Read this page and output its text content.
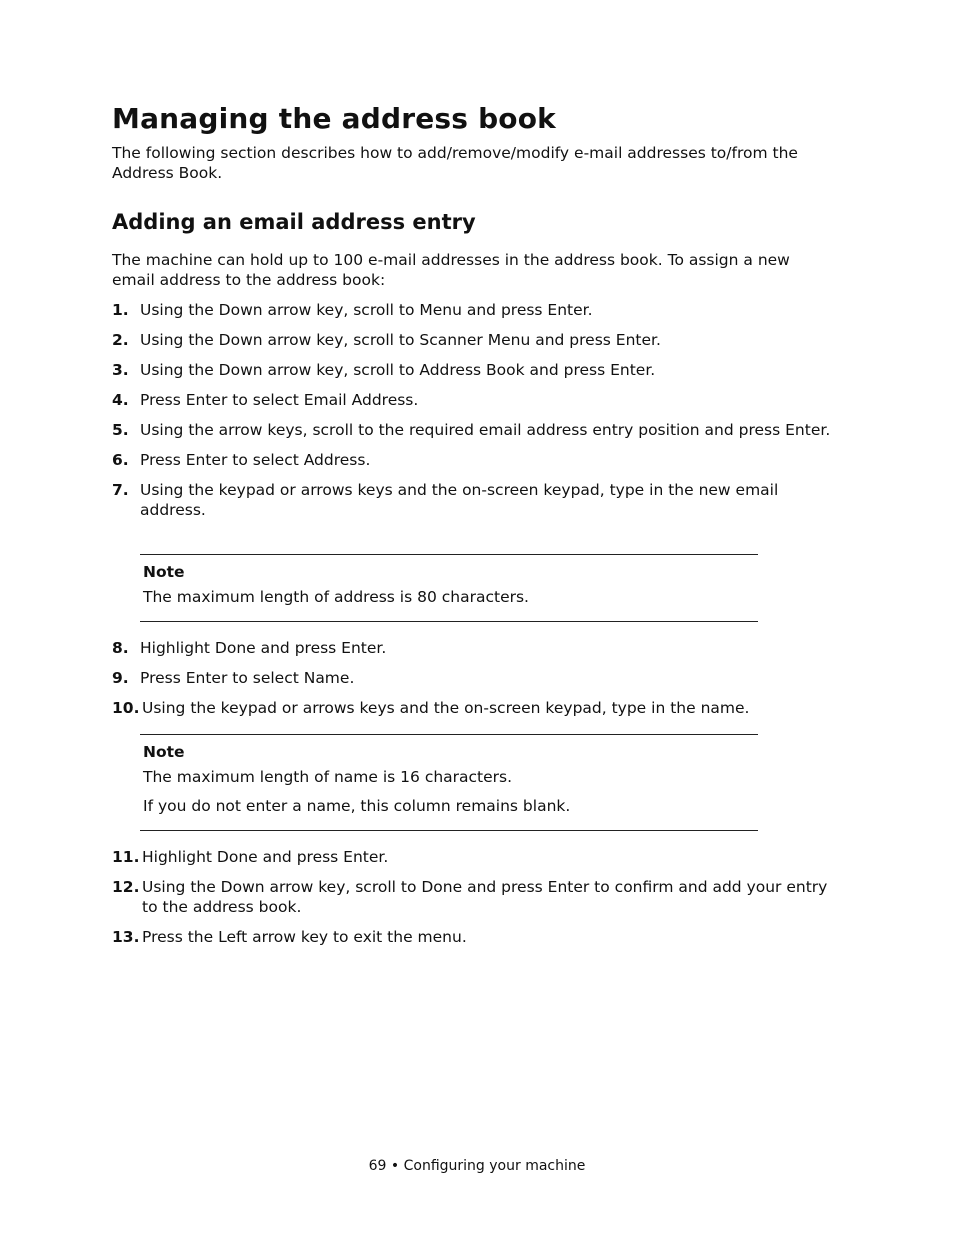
Managing the address book

The following section describes how to add/remove/modify e-mail addresses to/from the Address Book.

Adding an email address entry

The machine can hold up to 100 e-mail addresses in the address book. To assign a new email address to the address book:

1. Using the Down arrow key, scroll to Menu and press Enter.
2. Using the Down arrow key, scroll to Scanner Menu and press Enter.
3. Using the Down arrow key, scroll to Address Book and press Enter.
4. Press Enter to select Email Address.
5. Using the arrow keys, scroll to the required email address entry position and press Enter.
6. Press Enter to select Address.
7. Using the keypad or arrows keys and the on-screen keypad, type in the new email address.
Note

The maximum length of address is 80 characters.

8. Highlight Done and press Enter.
9. Press Enter to select Name.
10. Using the keypad or arrows keys and the on-screen keypad, type in the name.
Note

The maximum length of name is 16 characters.

If you do not enter a name, this column remains blank.

11. Highlight Done and press Enter.
12. Using the Down arrow key, scroll to Done and press Enter to confirm and add your entry to the address book.
13. Press the Left arrow key to exit the menu.
69 • Configuring your machine
